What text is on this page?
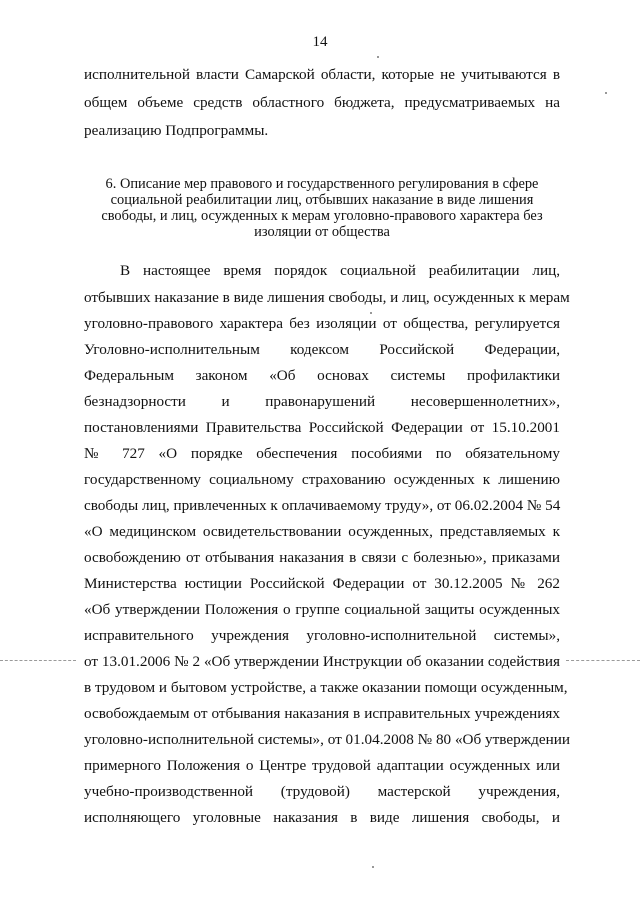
14
исполнительной власти Самарской области, которые не учитываются в
общем объеме средств областного бюджета, предусматриваемых на
реализацию Подпрограммы.
6. Описание мер правового и государственного регулирования в сфере
социальной реабилитации лиц, отбывших наказание в виде лишения
свободы, и лиц, осужденных к мерам уголовно-правового характера без
изоляции от общества
В настоящее время порядок социальной реабилитации лиц,
отбывших наказание в виде лишения свободы, и лиц, осужденных к мерам
уголовно-правового характера без изоляции от общества, регулируется
Уголовно-исполнительным кодексом Российской Федерации,
Федеральным законом «Об основах системы профилактики
безнадзорности и правонарушений несовершеннолетних»,
постановлениями Правительства Российской Федерации от 15.10.2001
№ 727 «О порядке обеспечения пособиями по обязательному
государственному социальному страхованию осужденных к лишению
свободы лиц, привлеченных к оплачиваемому труду», от 06.02.2004 № 54
«О медицинском освидетельствовании осужденных, представляемых к
освобождению от отбывания наказания в связи с болезнью», приказами
Министерства юстиции Российской Федерации от 30.12.2005 № 262
«Об утверждении Положения о группе социальной защиты осужденных
исправительного учреждения уголовно-исполнительной системы»,
от 13.01.2006 № 2 «Об утверждении Инструкции об оказании содействия
в трудовом и бытовом устройстве, а также оказании помощи осужденным,
освобождаемым от отбывания наказания в исправительных учреждениях
уголовно-исполнительной системы», от 01.04.2008 № 80 «Об утверждении
примерного Положения о Центре трудовой адаптации осужденных или
учебно-производственной (трудовой) мастерской учреждения,
исполняющего уголовные наказания в виде лишения свободы, и
